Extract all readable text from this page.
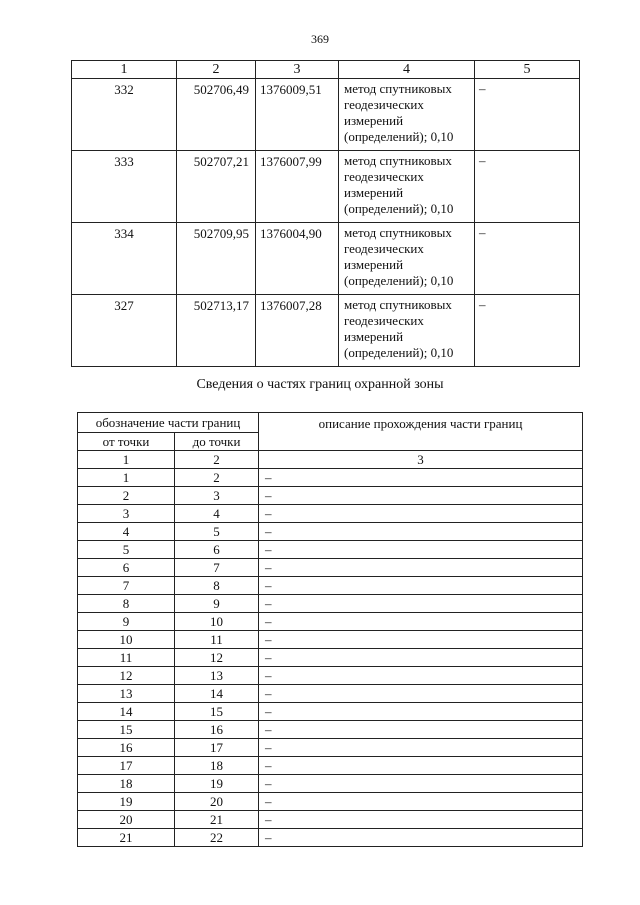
369
1	2	3	4	5
332	502706,49	1376009,51	метод спутниковых геодезических измерений (определений); 0,10	–
333	502707,21	1376007,99	метод спутниковых геодезических измерений (определений); 0,10	–
334	502709,95	1376004,90	метод спутниковых геодезических измерений (определений); 0,10	–
327	502713,17	1376007,28	метод спутниковых геодезических измерений (определений); 0,10	–
Сведения о частях границ охранной зоны
обозначение части границ		описание прохождения части границ
от точки	до точки	
1	2	3
1	2	–
2	3	–
3	4	–
4	5	–
5	6	–
6	7	–
7	8	–
8	9	–
9	10	–
10	11	–
11	12	–
12	13	–
13	14	–
14	15	–
15	16	–
16	17	–
17	18	–
18	19	–
19	20	–
20	21	–
21	22	–
